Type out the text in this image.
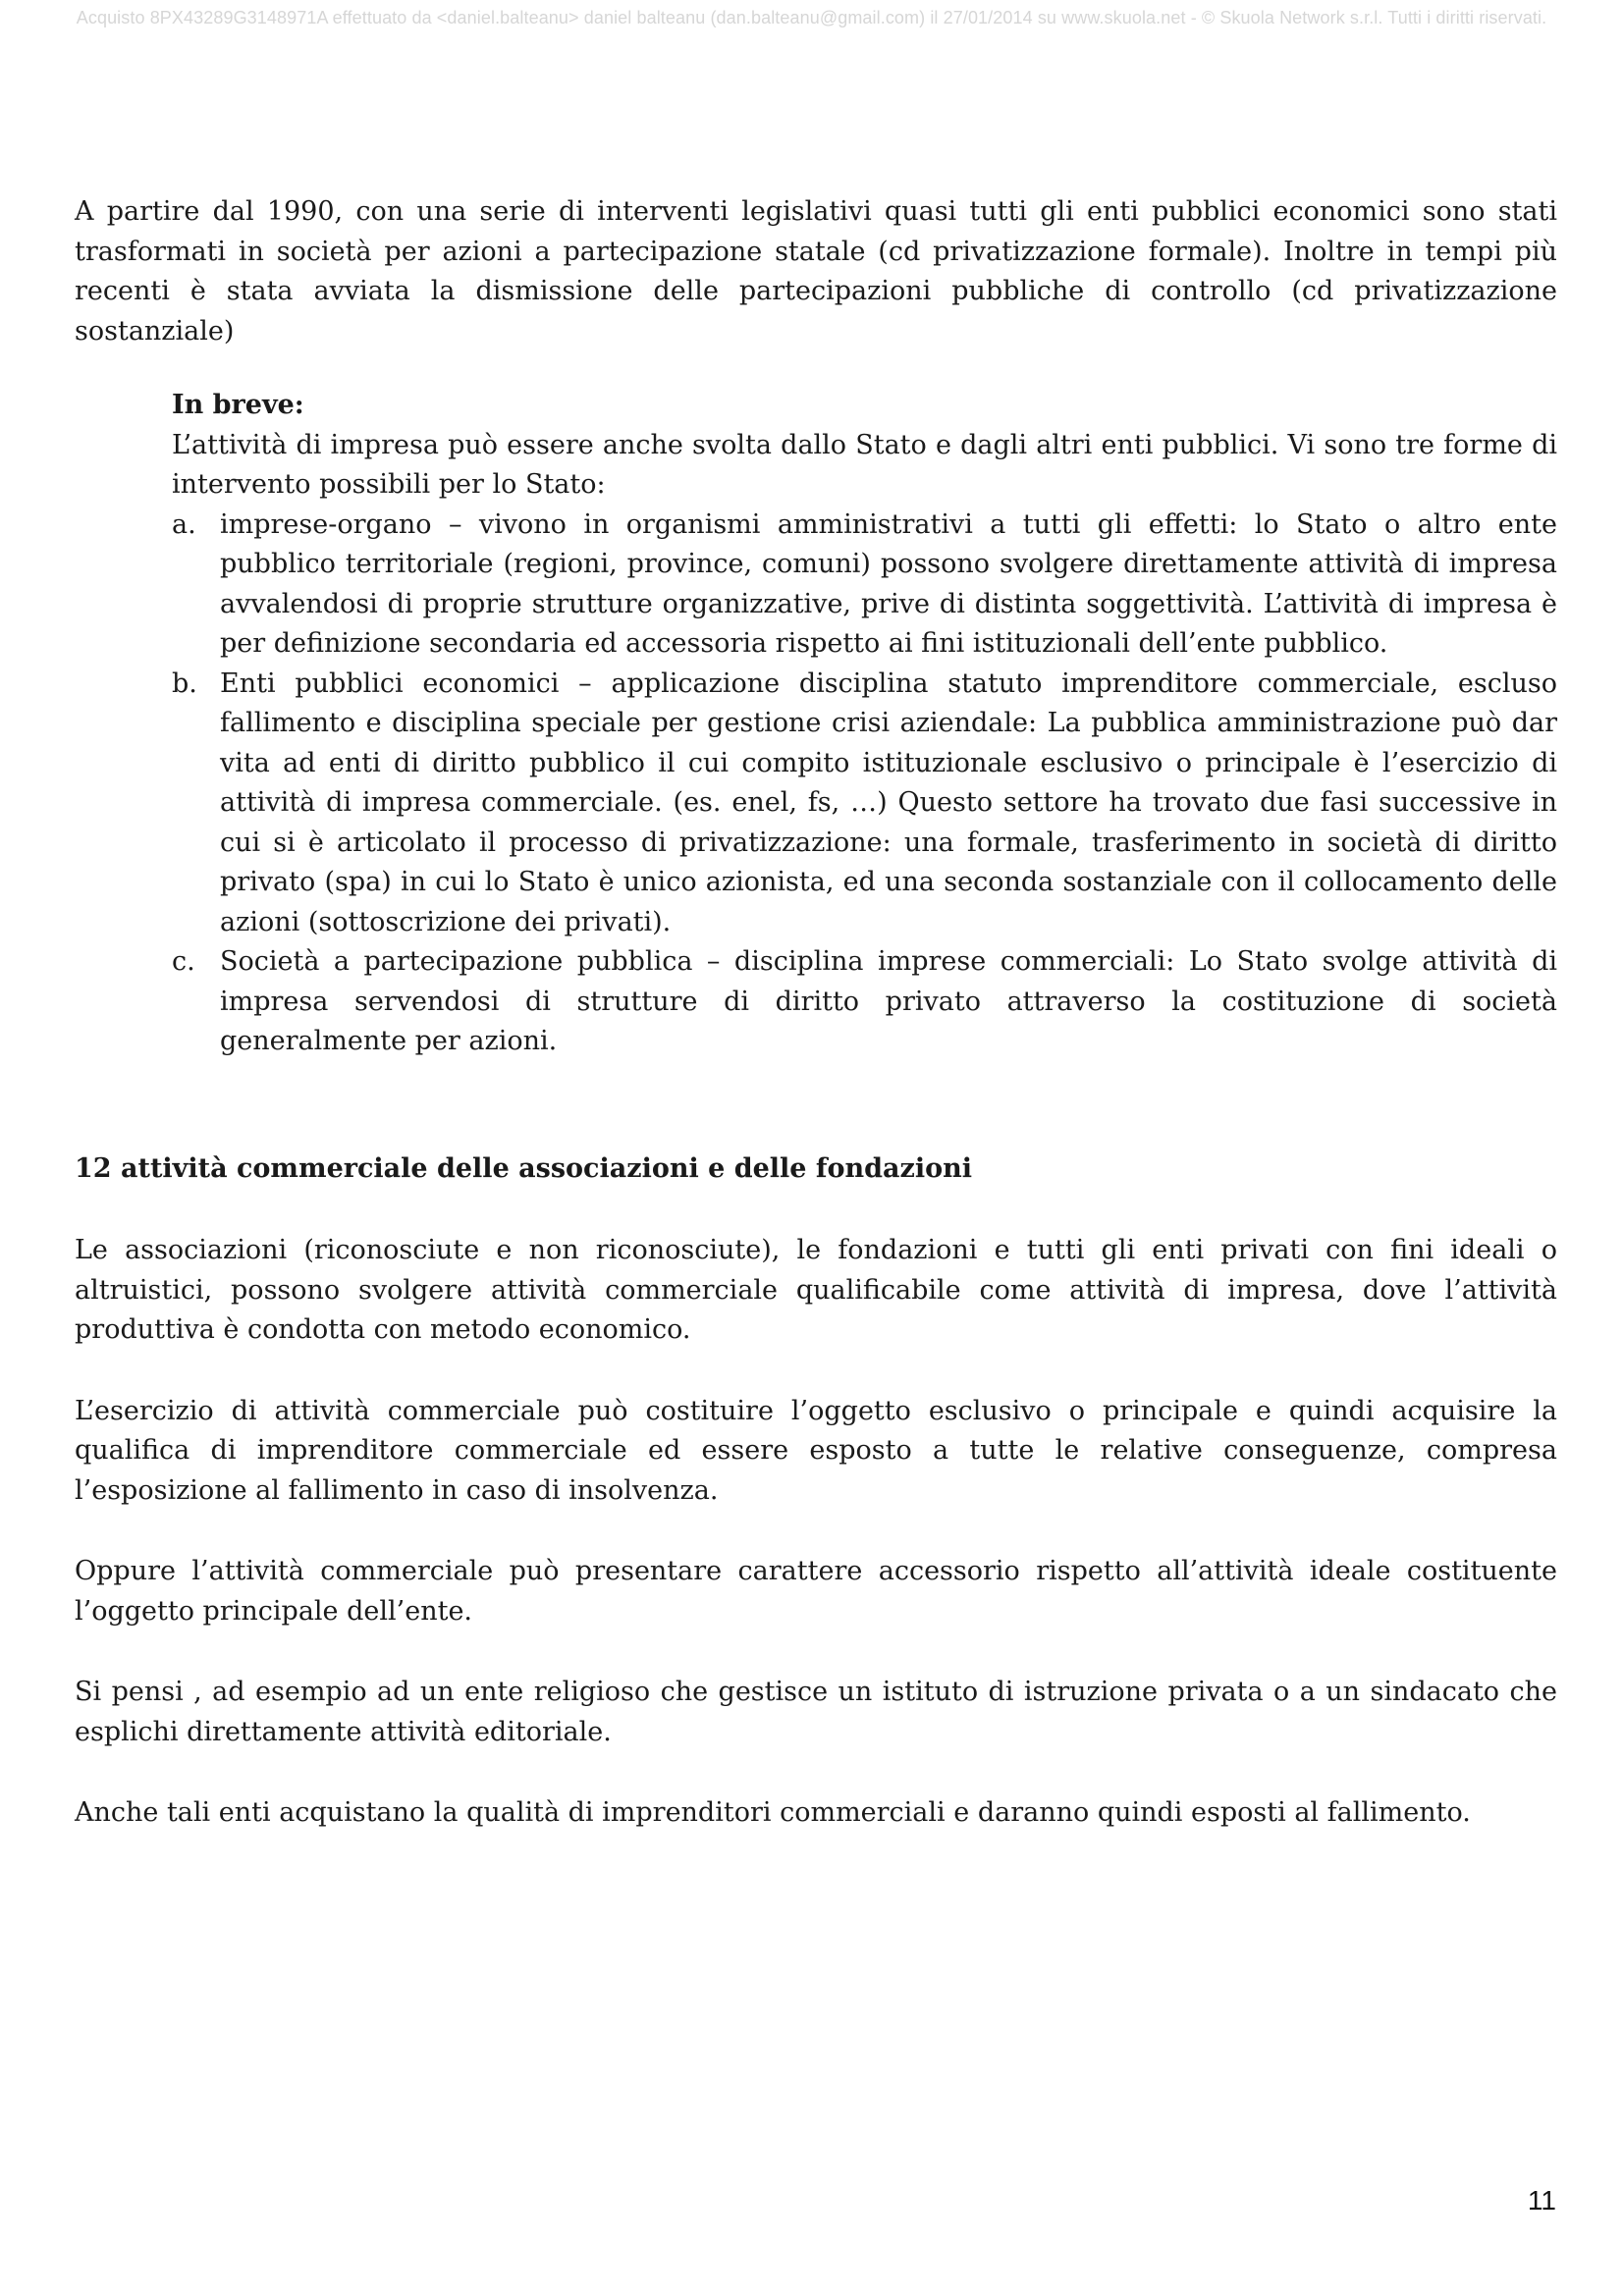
Acquisto 8PX43289G3148971A effettuato da <daniel.balteanu> daniel balteanu (dan.balteanu@gmail.com) il 27/01/2014 su www.skuola.net - © Skuola Network s.r.l. Tutti i diritti riservati.

A partire dal 1990, con una serie di interventi legislativi quasi tutti gli enti pubblici economici sono stati trasformati in società per azioni a partecipazione statale (cd privatizzazione formale). Inoltre in tempi più recenti è stata avviata la dismissione delle partecipazioni pubbliche di controllo (cd privatizzazione sostanziale)

In breve:

L’attività di impresa può essere anche svolta dallo Stato e dagli altri enti pubblici. Vi sono tre forme di intervento possibili per lo Stato:

a. imprese-organo – vivono in organismi amministrativi a tutti gli effetti: lo Stato o altro ente pubblico territoriale (regioni, province, comuni) possono svolgere direttamente attività di impresa avvalendosi di proprie strutture organizzative, prive di distinta soggettività. L’attività di impresa è per definizione secondaria ed accessoria rispetto ai fini istituzionali dell’ente pubblico.

b. Enti pubblici economici – applicazione disciplina statuto imprenditore commerciale, escluso fallimento e disciplina speciale per gestione crisi aziendale: La pubblica amministrazione può dar vita ad enti di diritto pubblico il cui compito istituzionale esclusivo o principale è l’esercizio di attività di impresa commerciale. (es. enel, fs, …) Questo settore ha trovato due fasi successive in cui si è articolato il processo di privatizzazione: una formale, trasferimento in società di diritto privato (spa) in cui lo Stato è unico azionista, ed una seconda sostanziale con il collocamento delle azioni (sottoscrizione dei privati).

c. Società a partecipazione pubblica – disciplina imprese commerciali: Lo Stato svolge attività di impresa servendosi di strutture di diritto privato attraverso la costituzione di società generalmente per azioni.

12 attività commerciale delle associazioni e delle fondazioni

Le associazioni (riconosciute e non riconosciute), le fondazioni e tutti gli enti privati con fini ideali o altruistici, possono svolgere attività commerciale qualificabile come attività di impresa, dove l’attività produttiva è condotta con metodo economico.

L’esercizio di attività commerciale può costituire l’oggetto esclusivo o principale e quindi acquisire la qualifica di imprenditore commerciale ed essere esposto a tutte le relative conseguenze, compresa l’esposizione al fallimento in caso di insolvenza.

Oppure l’attività commerciale può presentare carattere accessorio rispetto all’attività ideale costituente l’oggetto principale dell’ente.

Si pensi , ad esempio ad un ente religioso che gestisce un istituto di istruzione privata o a un sindacato che esplichi direttamente attività editoriale.

Anche tali enti acquistano la qualità di imprenditori commerciali e daranno quindi esposti al fallimento.

11
